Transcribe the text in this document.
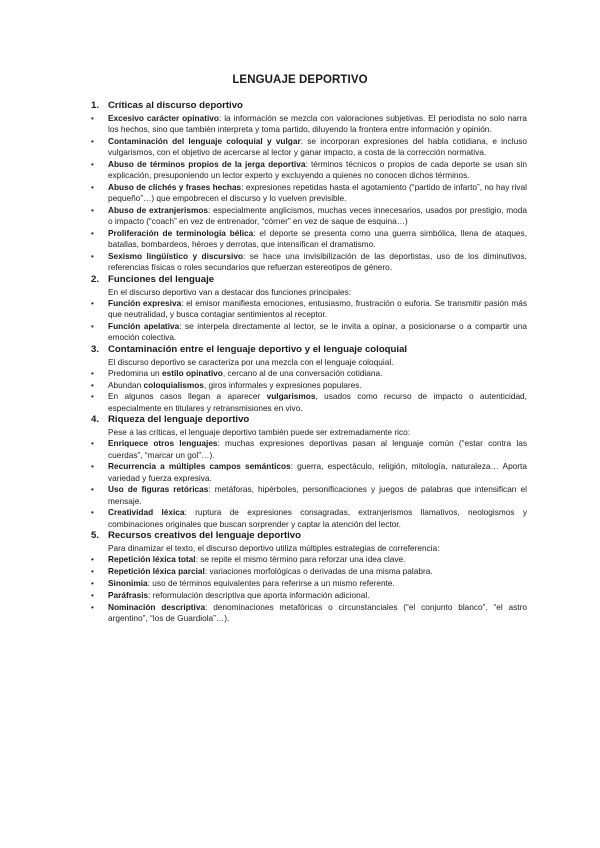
LENGUAJE DEPORTIVO
1. Críticas al discurso deportivo
• Excesivo carácter opinativo: la información se mezcla con valoraciones subjetivas. El periodista no solo narra los hechos, sino que también interpreta y toma partido, diluyendo la frontera entre información y opinión.
• Contaminación del lenguaje coloquial y vulgar: se incorporan expresiones del habla cotidiana, e incluso vulgarismos, con el objetivo de acercarse al lector y ganar impacto, a costa de la corrección normativa.
• Abuso de términos propios de la jerga deportiva: términos técnicos o propios de cada deporte se usan sin explicación, presuponiendo un lector experto y excluyendo a quienes no conocen dichos términos.
• Abuso de clichés y frases hechas: expresiones repetidas hasta el agotamiento (“partido de infarto”, no hay rival pequeño”…) que empobrecen el discurso y lo vuelven previsible.
• Abuso de extranjerismos: especialmente anglicismos, muchas veces innecesarios, usados por prestigio, moda o impacto (“coach” en vez de entrenador, “córner” en vez de saque de esquina…)
• Proliferación de terminología bélica: el deporte se presenta como una guerra simbólica, llena de ataques, batallas, bombardeos, héroes y derrotas, que intensifican el dramatismo.
• Sexismo lingüístico y discursivo: se hace una invisibilización de las deportistas, uso de los diminutivos, referencias físicas o roles secundarios que refuerzan estereotipos de género.
2. Funciones del lenguaje
En el discurso deportivo van a destacar dos funciones principales:
• Función expresiva: el emisor manifiesta emociones, entusiasmo, frustración o euforia. Se transmitir pasión más que neutralidad, y busca contagiar sentimientos al receptor.
• Función apelativa: se interpela directamente al lector, se le invita a opinar, a posicionarse o a compartir una emoción colectiva.
3. Contaminación entre el lenguaje deportivo y el lenguaje coloquial
El discurso deportivo se caracteriza por una mezcla con el lenguaje coloquial.
• Predomina un estilo opinativo, cercano al de una conversación cotidiana.
• Abundan coloquialismos, giros informales y expresiones populares.
• En algunos casos llegan a aparecer vulgarismos, usados como recurso de impacto o autenticidad, especialmente en titulares y retransmisiones en vivo.
4. Riqueza del lenguaje deportivo
Pese a las críticas, el lenguaje deportivo también puede ser extremadamente rico:
• Enriquece otros lenguajes: muchas expresiones deportivas pasan al lenguaje común (“estar contra las cuerdas”, “marcar un gol”…).
• Recurrencia a múltiples campos semánticos: guerra, espectáculo, religión, mitología, naturaleza… Aporta variedad y fuerza expresiva.
• Uso de figuras retóricas: metáforas, hipérboles, personificaciones y juegos de palabras que intensifican el mensaje.
• Creatividad léxica: ruptura de expresiones consagradas, extranjerismos llamativos, neologismos y combinaciones originales que buscan sorprender y captar la atención del lector.
5. Recursos creativos del lenguaje deportivo
Para dinamizar el texto, el discurso deportivo utiliza múltiples estrategias de correferencia:
• Repetición léxica total: se repite el mismo término para reforzar una idea clave.
• Repetición léxica parcial: variaciones morfológicas o derivadas de una misma palabra.
• Sinonimia: uso de términos equivalentes para referirse a un mismo referente.
• Paráfrasis: reformulación descriptiva que aporta información adicional.
• Nominación descriptiva: denominaciones metafóricas o circunstanciales (“el conjunto blanco”, “el astro argentino”, “los de Guardiola”…).
